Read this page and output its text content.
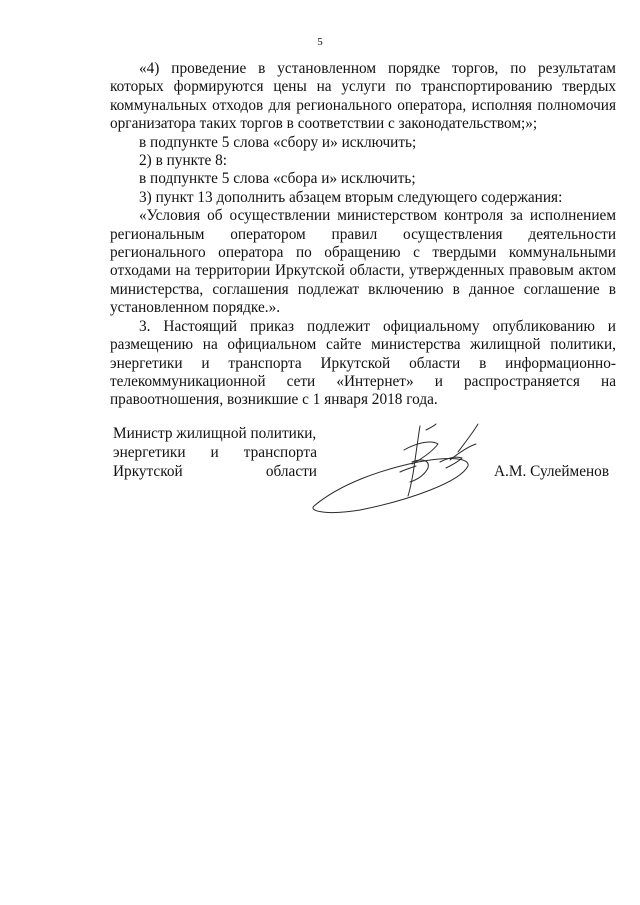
5

«4) проведение в установленном порядке торгов, по результатам которых формируются цены на услуги по транспортированию твердых коммунальных отходов для регионального оператора, исполняя полномочия организатора таких торгов в соответствии с законодательством;»;

в подпункте 5 слова «сбору и» исключить;

2) в пункте 8:

в подпункте 5 слова «сбора и» исключить;

3) пункт 13 дополнить абзацем вторым следующего содержания:

«Условия об осуществлении министерством контроля за исполнением региональным оператором правил осуществления деятельности регионального оператора по обращению с твердыми коммунальными отходами на территории Иркутской области, утвержденных правовым актом министерства, соглашения подлежат включению в данное соглашение в установленном порядке.».

3. Настоящий приказ подлежит официальному опубликованию и размещению на официальном сайте министерства жилищной политики, энергетики и транспорта Иркутской области в информационно-телекоммуникационной сети «Интернет» и распространяется на правоотношения, возникшие с 1 января 2018 года.

Министр жилищной политики,
энергетики и транспорта
Иркутской области	А.М. Сулейменов
